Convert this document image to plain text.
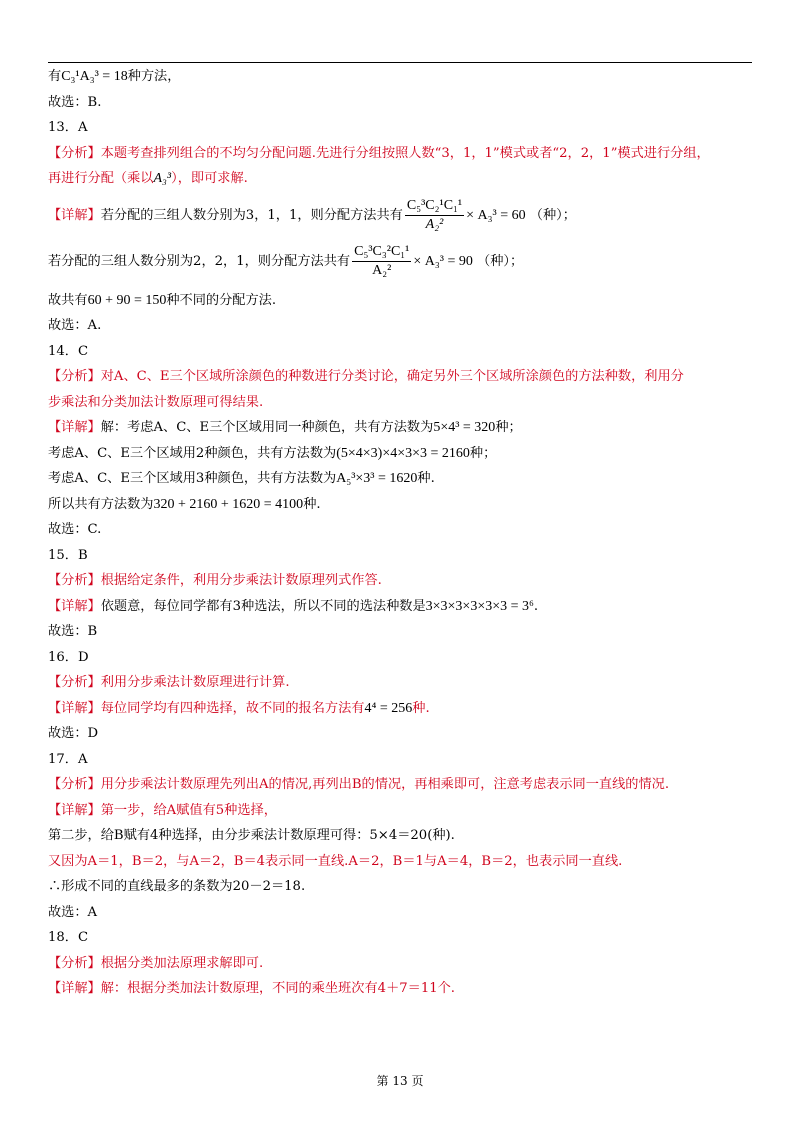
有C₃¹A₃³ = 18种方法，
故选：B.
13．A
【分析】本题考查排列组合的不均匀分配问题.先进行分组按照人数“3，1，1”模式或者“2，2，1”模式进行分组，
再进行分配（乘以A₃³），即可求解.
【详解】若分配的三组人数分别为3，1，1，则分配方法共有 $\frac{\text{C₅³C₂¹C₁¹}}{\text{A₂²}} \times A_3^3 = 60$ （种）；
若分配的三组人数分别为2，2，1，则分配方法共有 $\frac{\text{C₅³C₃²C₁¹}}{\text{A₂²}} \times A_3^3 = 90$ （种）；
故共有60 + 90 = 150种不同的分配方法.
故选：A.
14．C
【分析】对A、C、E三个区域所涂颜色的种数进行分类讨论，确定另外三个区域所涂颜色的方法种数，利用分
步乘法和分类加法计数原理可得结果.
【详解】解：考虑A、C、E三个区域用同一种颜色，共有方法数为5×4³ = 320种；
考虑A、C、E三个区域用2种颜色，共有方法数为(5×4×3)×4×3×3 = 2160种；
考虑A、C、E三个区域用3种颜色，共有方法数为A₅³×3³ = 1620种.
所以共有方法数为320 + 2160 + 1620 = 4100种.
故选：C.
15．B
【分析】根据给定条件，利用分步乘法计数原理列式作答.
【详解】依题意，每位同学都有3种选法，所以不同的选法种数是3×3×3×3×3×3 = 3⁶.
故选：B
16．D
【分析】利用分步乘法计数原理进行计算.
【详解】每位同学均有四种选择，故不同的报名方法有4⁴ = 256种.
故选：D
17．A
【分析】用分步乘法计数原理先列出A的情况,再列出B的情况，再相乘即可，注意考虑表示同一直线的情况.
【详解】第一步，给A赋值有5种选择，
第二步，给B赋有4种选择，由分步乘法计数原理可得：5×4＝20(种).
又因为A＝1，B＝2，与A＝2，B＝4表示同一直线.A＝2，B＝1与A＝4，B＝2，也表示同一直线.
∴形成不同的直线最多的条数为20－2＝18.
故选：A
18．C
【分析】根据分类加法原理求解即可.
【详解】解：根据分类加法计数原理，不同的乘坐班次有4＋7＝11个.
第 13 页
